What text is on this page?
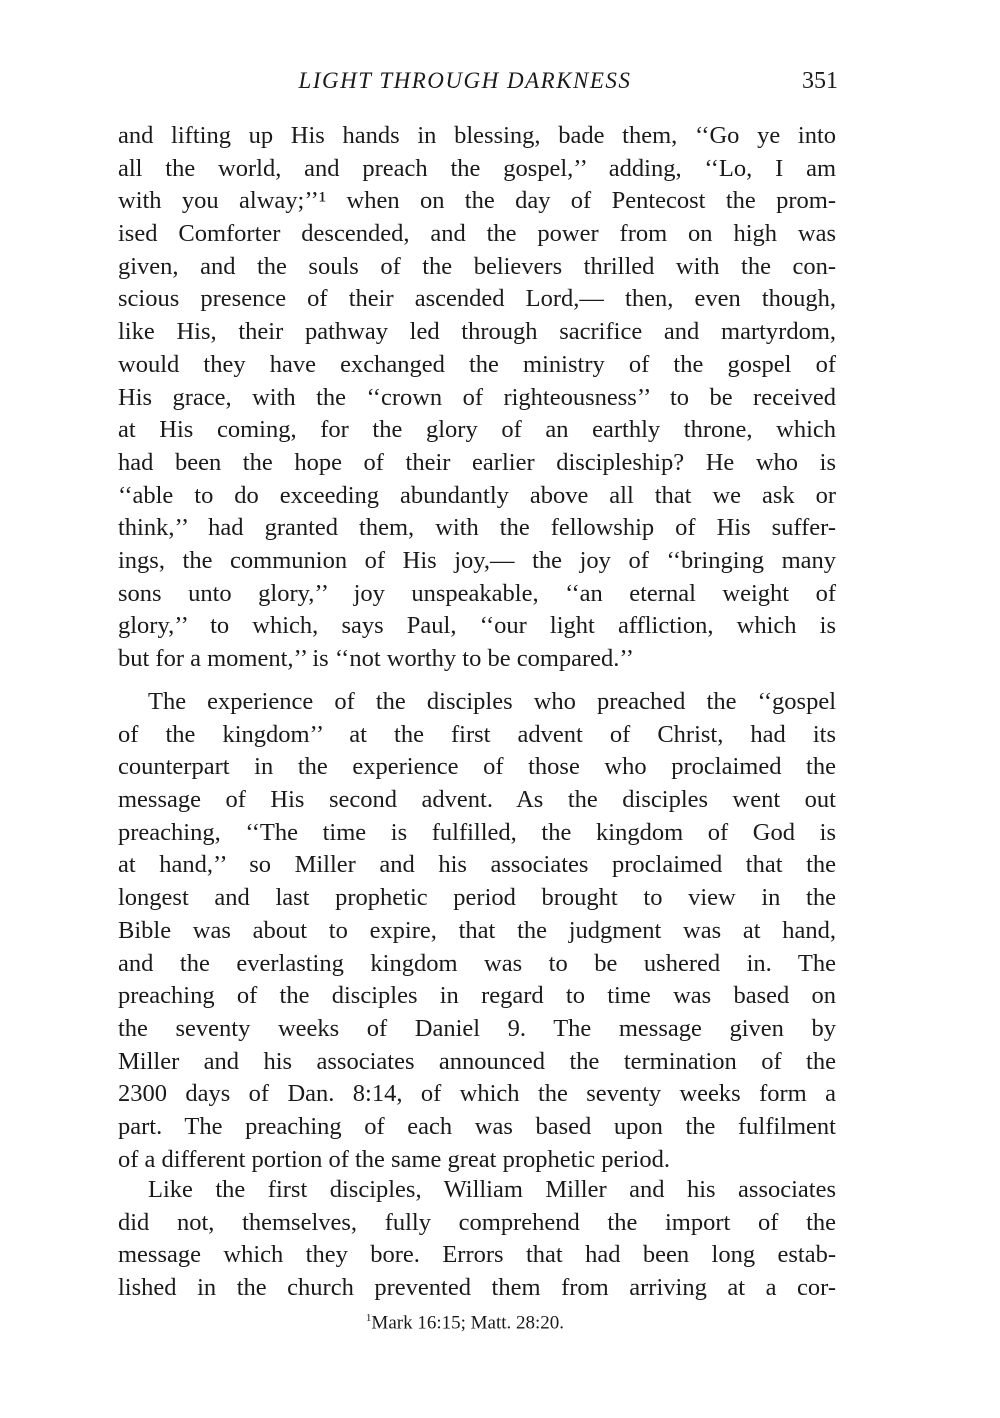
LIGHT THROUGH DARKNESS	351
and lifting up His hands in blessing, bade them, ‘‘Go ye into
all the world, and preach the gospel,’’ adding, ‘‘Lo, I am
with you alway;’’¹ when on the day of Pentecost the prom-
ised Comforter descended, and the power from on high was
given, and the souls of the believers thrilled with the con-
scious presence of their ascended Lord,— then, even though,
like His, their pathway led through sacrifice and martyrdom,
would they have exchanged the ministry of the gospel of
His grace, with the ‘‘crown of righteousness’’ to be received
at His coming, for the glory of an earthly throne, which
had been the hope of their earlier discipleship? He who is
‘‘able to do exceeding abundantly above all that we ask or
think,’’ had granted them, with the fellowship of His suffer-
ings, the communion of His joy,— the joy of ‘‘bringing many
sons unto glory,’’ joy unspeakable, ‘‘an eternal weight of
glory,’’ to which, says Paul, ‘‘our light affliction, which is
but for a moment,’’ is ‘‘not worthy to be compared.’’
The experience of the disciples who preached the ‘‘gospel
of the kingdom’’ at the first advent of Christ, had its
counterpart in the experience of those who proclaimed the
message of His second advent. As the disciples went out
preaching, ‘‘The time is fulfilled, the kingdom of God is
at hand,’’ so Miller and his associates proclaimed that the
longest and last prophetic period brought to view in the
Bible was about to expire, that the judgment was at hand,
and the everlasting kingdom was to be ushered in. The
preaching of the disciples in regard to time was based on
the seventy weeks of Daniel 9. The message given by
Miller and his associates announced the termination of the
2300 days of Dan. 8:14, of which the seventy weeks form a
part. The preaching of each was based upon the fulfilment
of a different portion of the same great prophetic period.
Like the first disciples, William Miller and his associates
did not, themselves, fully comprehend the import of the
message which they bore. Errors that had been long estab-
lished in the church prevented them from arriving at a cor-
$^1$Mark 16:15; Matt. 28:20.
